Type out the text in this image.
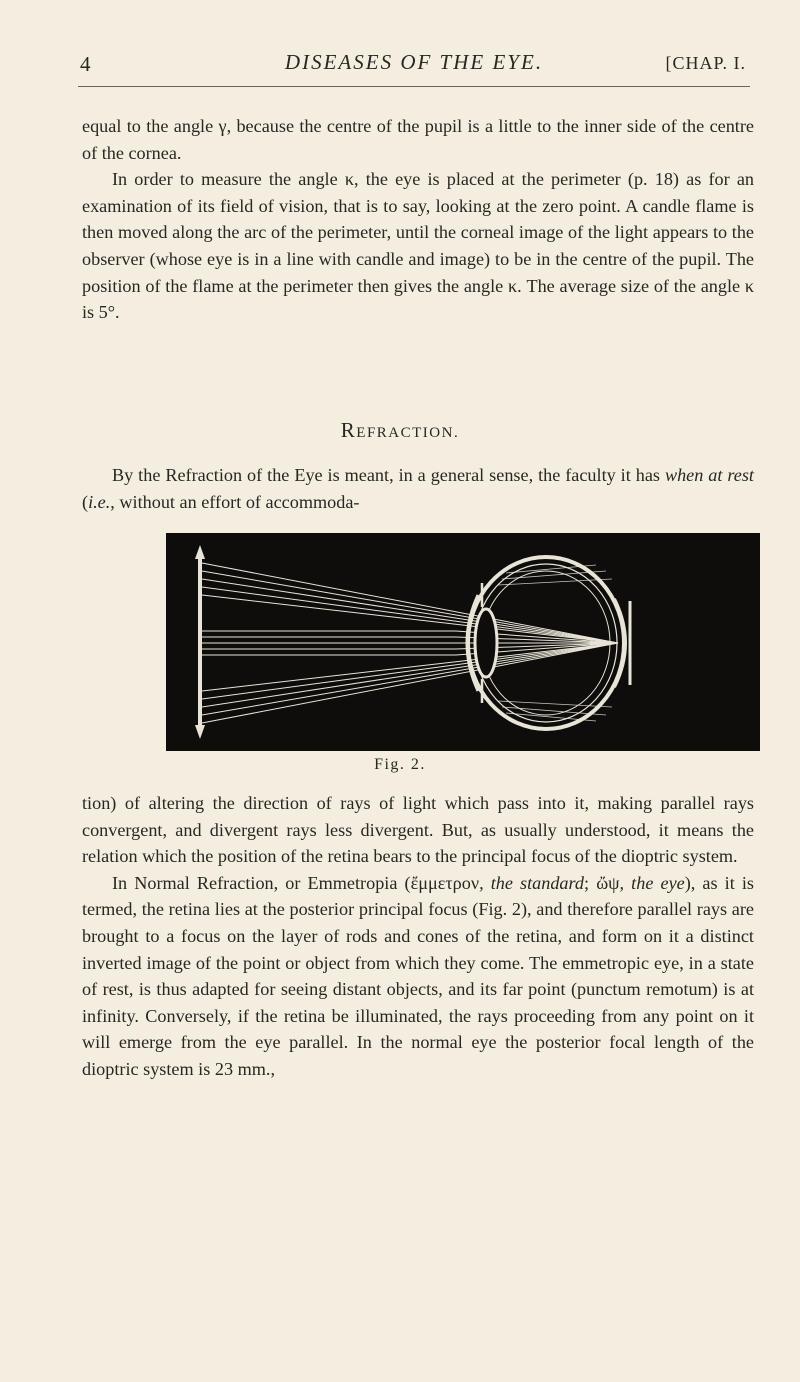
4	DISEASES OF THE EYE.	[CHAP. I.

equal to the angle γ, because the centre of the pupil is a little to the inner side of the centre of the cornea.

In order to measure the angle κ, the eye is placed at the perimeter (p. 18) as for an examination of its field of vision, that is to say, looking at the zero point. A candle flame is then moved along the arc of the perimeter, until the corneal image of the light appears to the observer (whose eye is in a line with candle and image) to be in the centre of the pupil. The position of the flame at the perimeter then gives the angle κ. The average size of the angle κ is 5°.

REFRACTION.

By the Refraction of the Eye is meant, in a general sense, the faculty it has when at rest (i.e., without an effort of accommoda-

Fig. 2.

tion) of altering the direction of rays of light which pass into it, making parallel rays convergent, and divergent rays less divergent. But, as usually understood, it means the relation which the position of the retina bears to the principal focus of the dioptric system.

In Normal Refraction, or Emmetropia (ἔμμετρον, the standard; ὤψ, the eye), as it is termed, the retina lies at the posterior principal focus (Fig. 2), and therefore parallel rays are brought to a focus on the layer of rods and cones of the retina, and form on it a distinct inverted image of the point or object from which they come. The emmetropic eye, in a state of rest, is thus adapted for seeing distant objects, and its far point (punctum remotum) is at infinity. Conversely, if the retina be illuminated, the rays proceeding from any point on it will emerge from the eye parallel. In the normal eye the posterior focal length of the dioptric system is 23 mm.,
